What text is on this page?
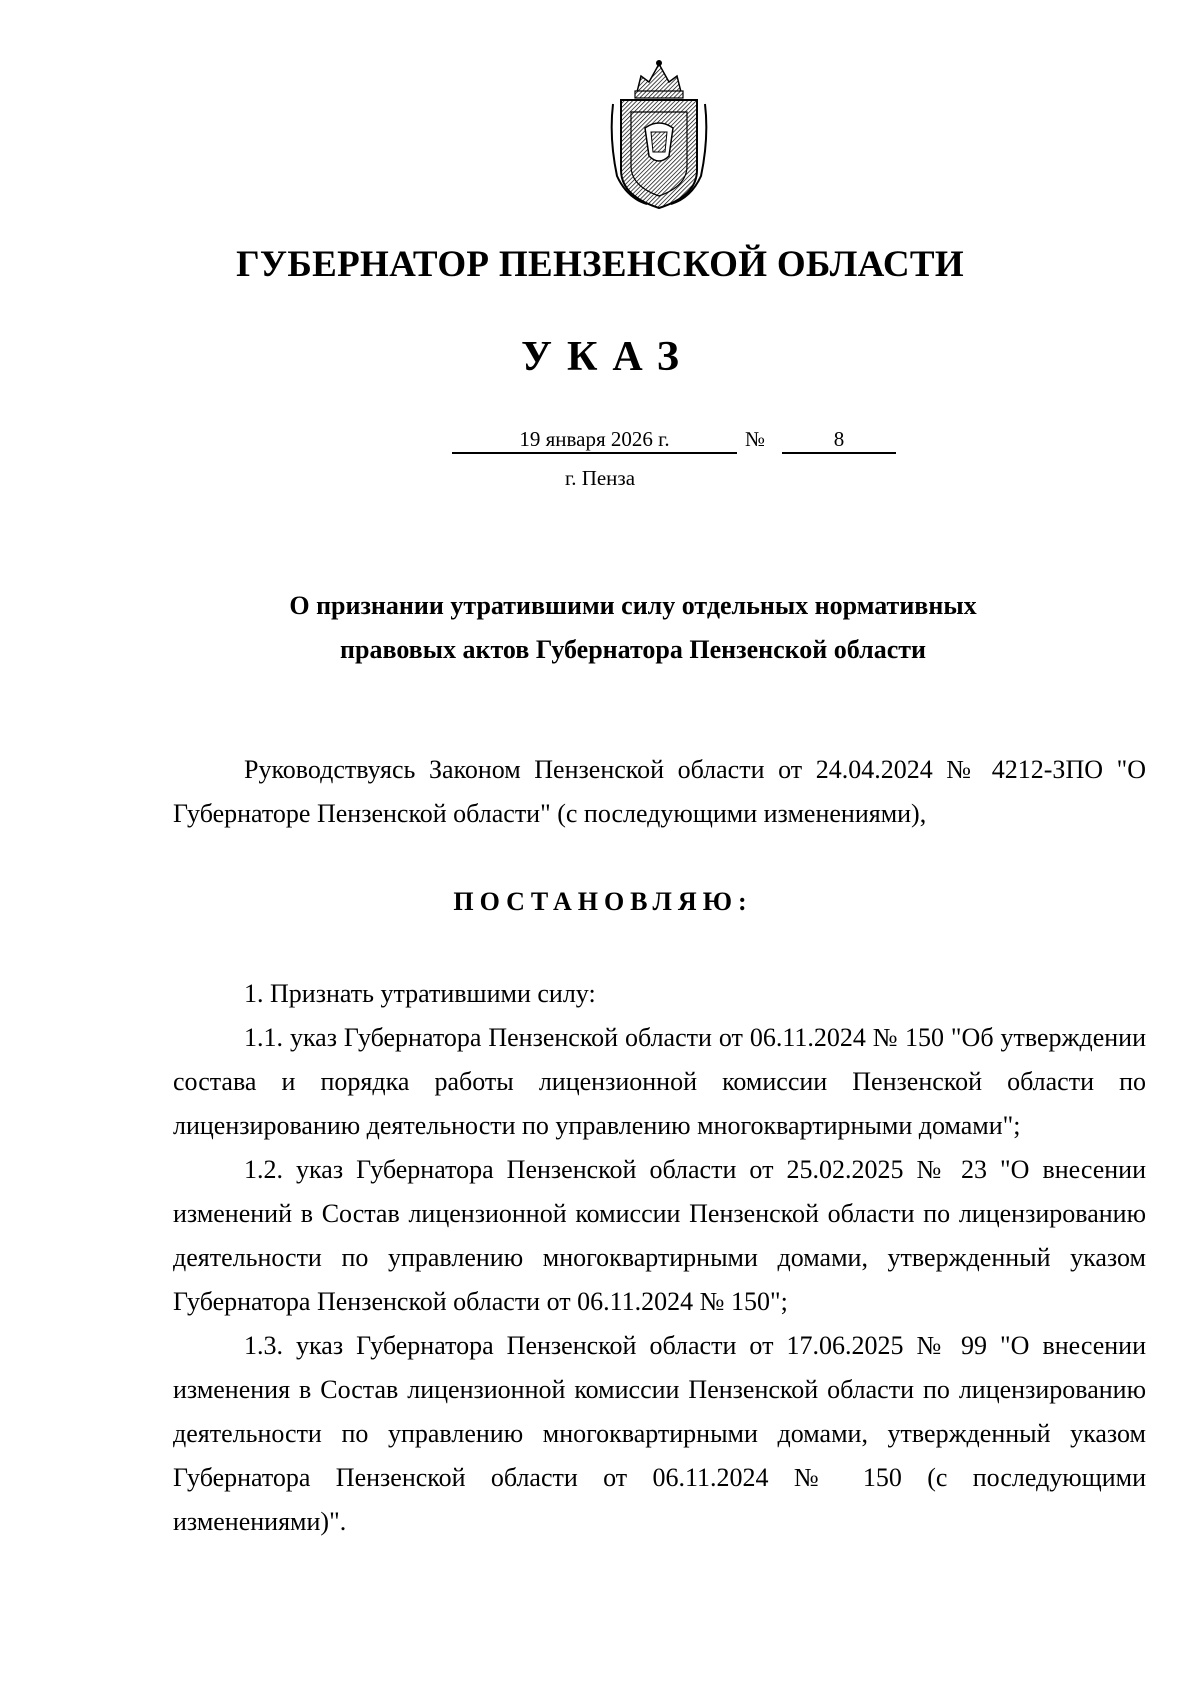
ГУБЕРНАТОР ПЕНЗЕНСКОЙ ОБЛАСТИ
УКАЗ
19 января 2026 г.	№	8
г. Пенза
О признании утратившими силу отдельных нормативных
правовых актов Губернатора Пензенской области

Руководствуясь Законом Пензенской области от 24.04.2024 № 4212-ЗПО "О Губернаторе Пензенской области" (с последующими изменениями),

ПОСТАНОВЛЯЮ:

1. Признать утратившими силу:

1.1. указ Губернатора Пензенской области от 06.11.2024 № 150 "Об утверждении состава и порядка работы лицензионной комиссии Пензенской области по лицензированию деятельности по управлению многоквартирными домами";

1.2. указ Губернатора Пензенской области от 25.02.2025 № 23 "О внесении изменений в Состав лицензионной комиссии Пензенской области по лицензированию деятельности по управлению многоквартирными домами, утвержденный указом Губернатора Пензенской области от 06.11.2024 № 150";

1.3. указ Губернатора Пензенской области от 17.06.2025 № 99 "О внесении изменения в Состав лицензионной комиссии Пензенской области по лицензированию деятельности по управлению многоквартирными домами, утвержденный указом Губернатора Пензенской области от 06.11.2024 № 150 (с последующими изменениями)".
